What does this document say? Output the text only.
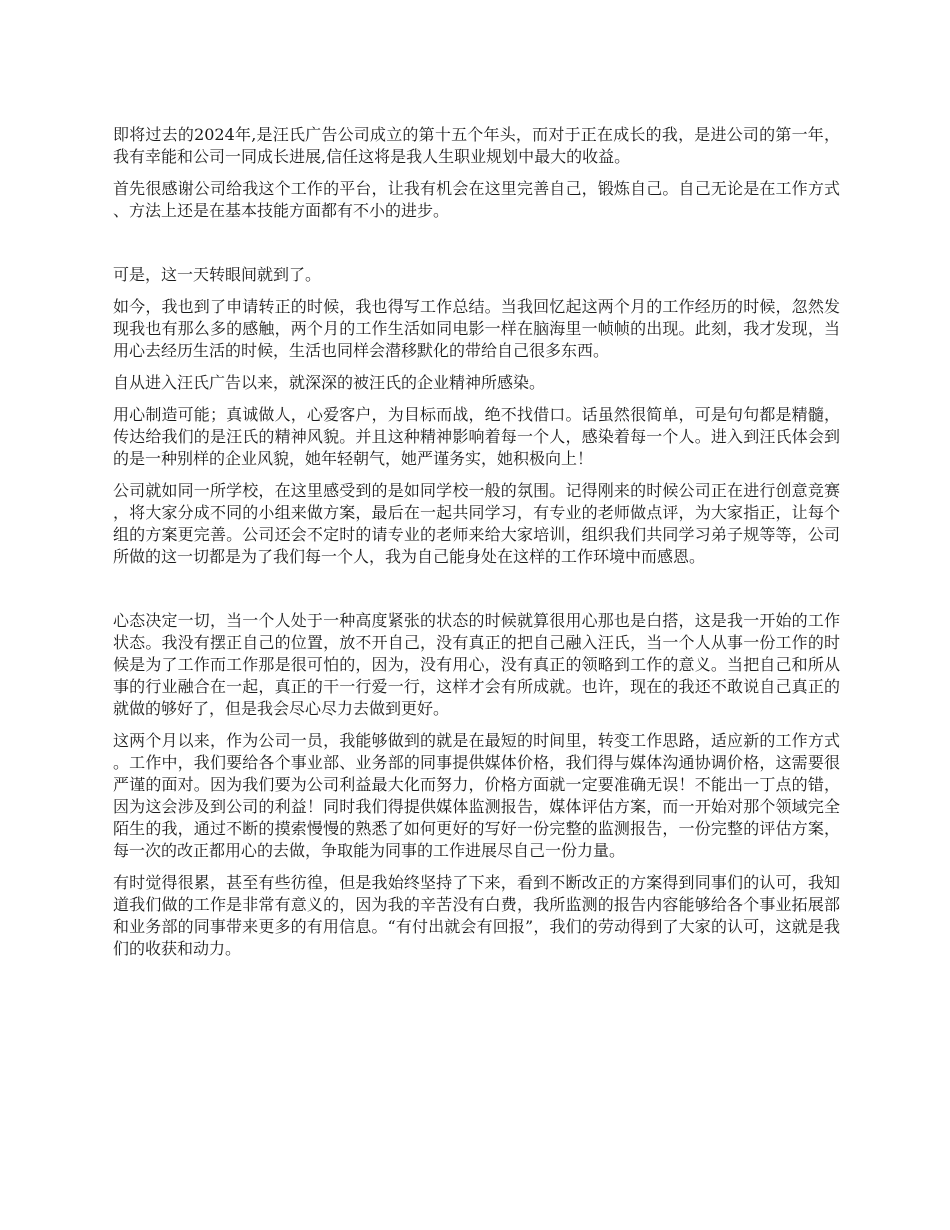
即将过去的2024年,是汪氏广告公司成立的第十五个年头，而对于正在成长的我，是进公司的第一年，我有幸能和公司一同成长进展,信任这将是我人生职业规划中最大的收益。

首先很感谢公司给我这个工作的平台，让我有机会在这里完善自己，锻炼自己。自己无论是在工作方式、方法上还是在基本技能方面都有不小的进步。

可是，这一天转眼间就到了。

如今，我也到了申请转正的时候，我也得写工作总结。当我回忆起这两个月的工作经历的时候，忽然发现我也有那么多的感触，两个月的工作生活如同电影一样在脑海里一帧帧的出现。此刻，我才发现，当用心去经历生活的时候，生活也同样会潜移默化的带给自己很多东西。

自从进入汪氏广告以来，就深深的被汪氏的企业精神所感染。

用心制造可能；真诚做人，心爱客户，为目标而战，绝不找借口。话虽然很简单，可是句句都是精髓，传达给我们的是汪氏的精神风貌。并且这种精神影响着每一个人，感染着每一个人。进入到汪氏体会到的是一种别样的企业风貌，她年轻朝气，她严谨务实，她积极向上！

公司就如同一所学校，在这里感受到的是如同学校一般的氛围。记得刚来的时候公司正在进行创意竞赛，将大家分成不同的小组来做方案，最后在一起共同学习，有专业的老师做点评，为大家指正，让每个组的方案更完善。公司还会不定时的请专业的老师来给大家培训，组织我们共同学习弟子规等等，公司所做的这一切都是为了我们每一个人，我为自己能身处在这样的工作环境中而感恩。

心态决定一切，当一个人处于一种高度紧张的状态的时候就算很用心那也是白搭，这是我一开始的工作状态。我没有摆正自己的位置，放不开自己，没有真正的把自己融入汪氏，当一个人从事一份工作的时候是为了工作而工作那是很可怕的，因为，没有用心，没有真正的领略到工作的意义。当把自己和所从事的行业融合在一起，真正的干一行爱一行，这样才会有所成就。也许，现在的我还不敢说自己真正的就做的够好了，但是我会尽心尽力去做到更好。

这两个月以来，作为公司一员，我能够做到的就是在最短的时间里，转变工作思路，适应新的工作方式。工作中，我们要给各个事业部、业务部的同事提供媒体价格，我们得与媒体沟通协调价格，这需要很严谨的面对。因为我们要为公司利益最大化而努力，价格方面就一定要准确无误！不能出一丁点的错，因为这会涉及到公司的利益！同时我们得提供媒体监测报告，媒体评估方案，而一开始对那个领域完全陌生的我，通过不断的摸索慢慢的熟悉了如何更好的写好一份完整的监测报告，一份完整的评估方案，每一次的改正都用心的去做，争取能为同事的工作进展尽自己一份力量。

有时觉得很累，甚至有些彷徨，但是我始终坚持了下来，看到不断改正的方案得到同事们的认可，我知道我们做的工作是非常有意义的，因为我的辛苦没有白费，我所监测的报告内容能够给各个事业拓展部和业务部的同事带来更多的有用信息。“有付出就会有回报”，我们的劳动得到了大家的认可，这就是我们的收获和动力。
